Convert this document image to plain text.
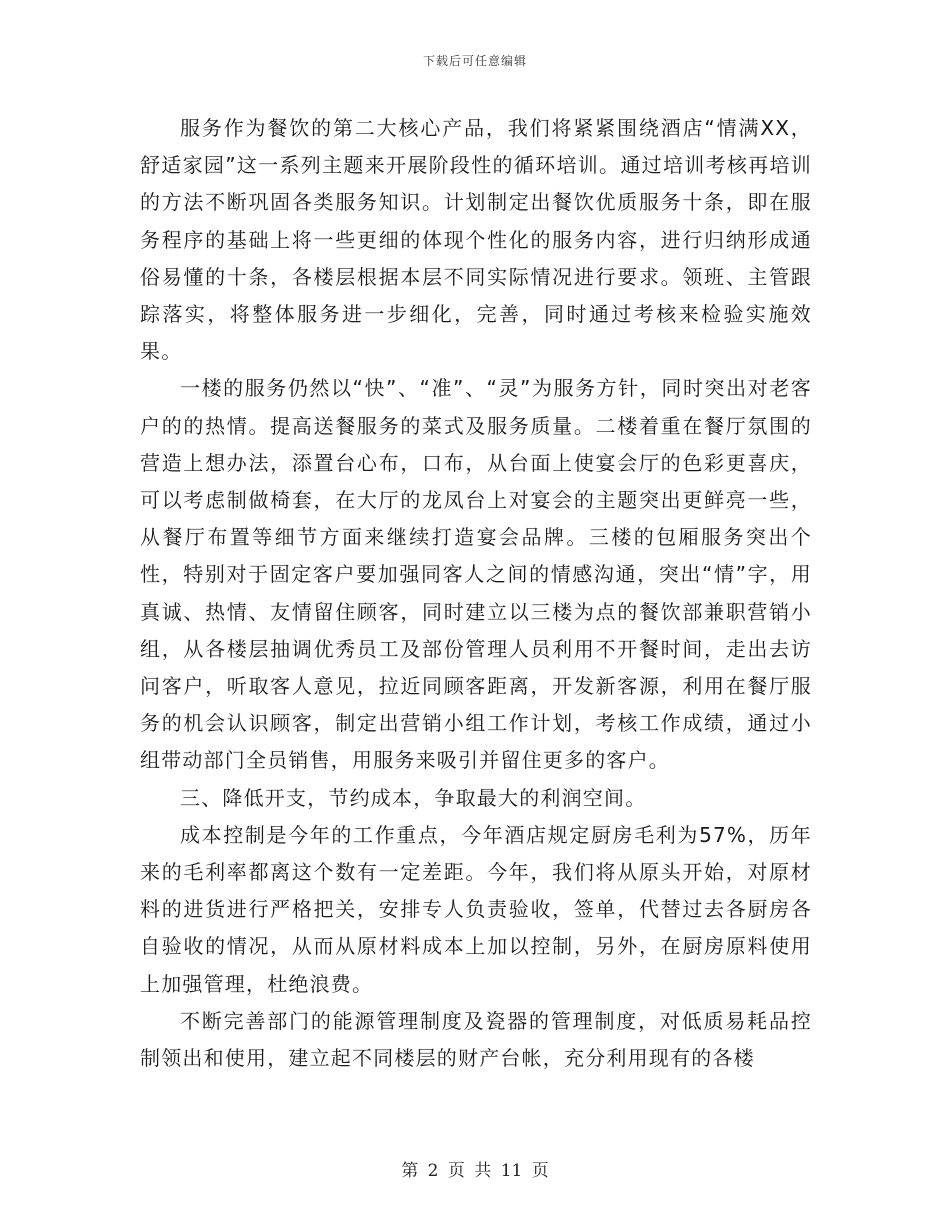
下载后可任意编辑

服务作为餐饮的第二大核心产品，我们将紧紧围绕酒店“情满XX，舒适家园”这一系列主题来开展阶段性的循环培训。通过培训考核再培训的方法不断巩固各类服务知识。计划制定出餐饮优质服务十条，即在服务程序的基础上将一些更细的体现个性化的服务内容，进行归纳形成通俗易懂的十条，各楼层根据本层不同实际情况进行要求。领班、主管跟踪落实，将整体服务进一步细化，完善，同时通过考核来检验实施效果。

一楼的服务仍然以“快”、“准”、“灵”为服务方针，同时突出对老客户的的热情。提高送餐服务的菜式及服务质量。二楼着重在餐厅氛围的营造上想办法，添置台心布，口布，从台面上使宴会厅的色彩更喜庆，可以考虑制做椅套，在大厅的龙凤台上对宴会的主题突出更鲜亮一些，从餐厅布置等细节方面来继续打造宴会品牌。三楼的包厢服务突出个性，特别对于固定客户要加强同客人之间的情感沟通，突出“情”字，用真诚、热情、友情留住顾客，同时建立以三楼为点的餐饮部兼职营销小组，从各楼层抽调优秀员工及部份管理人员利用不开餐时间，走出去访问客户，听取客人意见，拉近同顾客距离，开发新客源，利用在餐厅服务的机会认识顾客，制定出营销小组工作计划，考核工作成绩，通过小组带动部门全员销售，用服务来吸引并留住更多的客户。

三、降低开支，节约成本，争取最大的利润空间。

成本控制是今年的工作重点，今年酒店规定厨房毛利为57%，历年来的毛利率都离这个数有一定差距。今年，我们将从原头开始，对原材料的进货进行严格把关，安排专人负责验收，签单，代替过去各厨房各自验收的情况，从而从原材料成本上加以控制，另外，在厨房原料使用上加强管理，杜绝浪费。

不断完善部门的能源管理制度及瓷器的管理制度，对低质易耗品控制领出和使用，建立起不同楼层的财产台帐，充分利用现有的各楼

第 2 页 共 11 页
